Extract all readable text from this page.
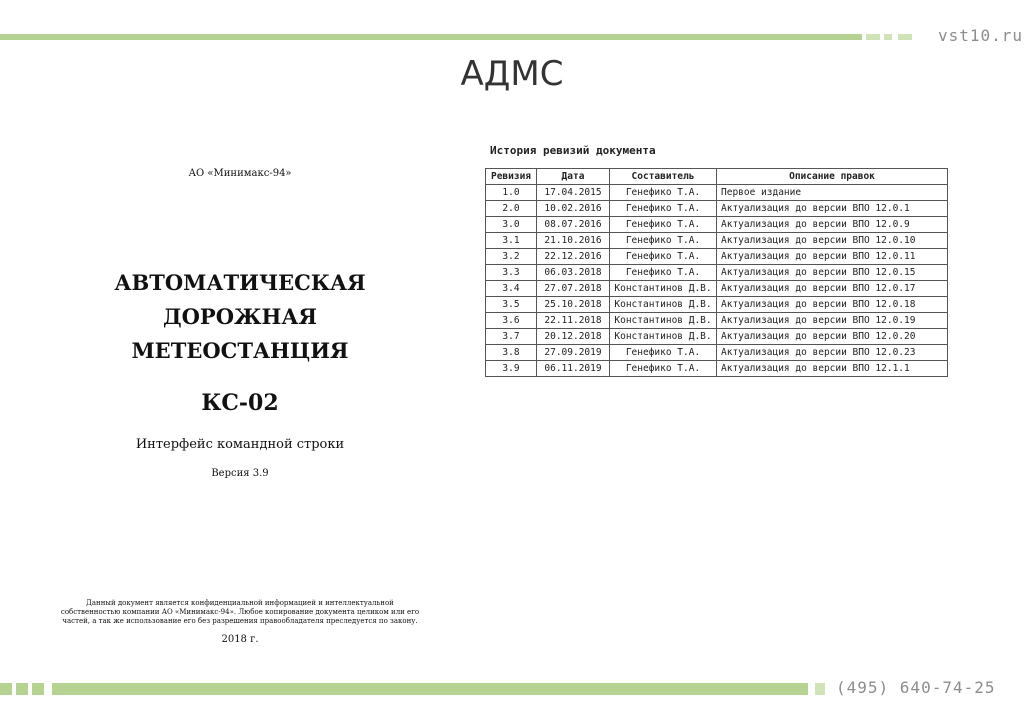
vst10.ru
АДМС
АО «Минимакс-94»
АВТОМАТИЧЕСКАЯ
ДОРОЖНАЯ
МЕТЕОСТАНЦИЯ
КС-02
Интерфейс командной строки
Версия 3.9
Данный документ является конфиденциальной информацией и интеллектуальной собственностью компании АО «Минимакс-94». Любое копирование документа целиком или его частей, а так же использование его без разрешения правообладателя преследуется по закону.
2018 г.
История ревизий документа
Ревизия	Дата	Составитель	Описание правок
1.0	17.04.2015	Генефико Т.А.	Первое издание
2.0	10.02.2016	Генефико Т.А.	Актуализация до версии ВПО 12.0.1
3.0	08.07.2016	Генефико Т.А.	Актуализация до версии ВПО 12.0.9
3.1	21.10.2016	Генефико Т.А.	Актуализация до версии ВПО 12.0.10
3.2	22.12.2016	Генефико Т.А.	Актуализация до версии ВПО 12.0.11
3.3	06.03.2018	Генефико Т.А.	Актуализация до версии ВПО 12.0.15
3.4	27.07.2018	Константинов Д.В.	Актуализация до версии ВПО 12.0.17
3.5	25.10.2018	Константинов Д.В.	Актуализация до версии ВПО 12.0.18
3.6	22.11.2018	Константинов Д.В.	Актуализация до версии ВПО 12.0.19
3.7	20.12.2018	Константинов Д.В.	Актуализация до версии ВПО 12.0.20
3.8	27.09.2019	Генефико Т.А.	Актуализация до версии ВПО 12.0.23
3.9	06.11.2019	Генефико Т.А.	Актуализация до версии ВПО 12.1.1
(495) 640-74-25
